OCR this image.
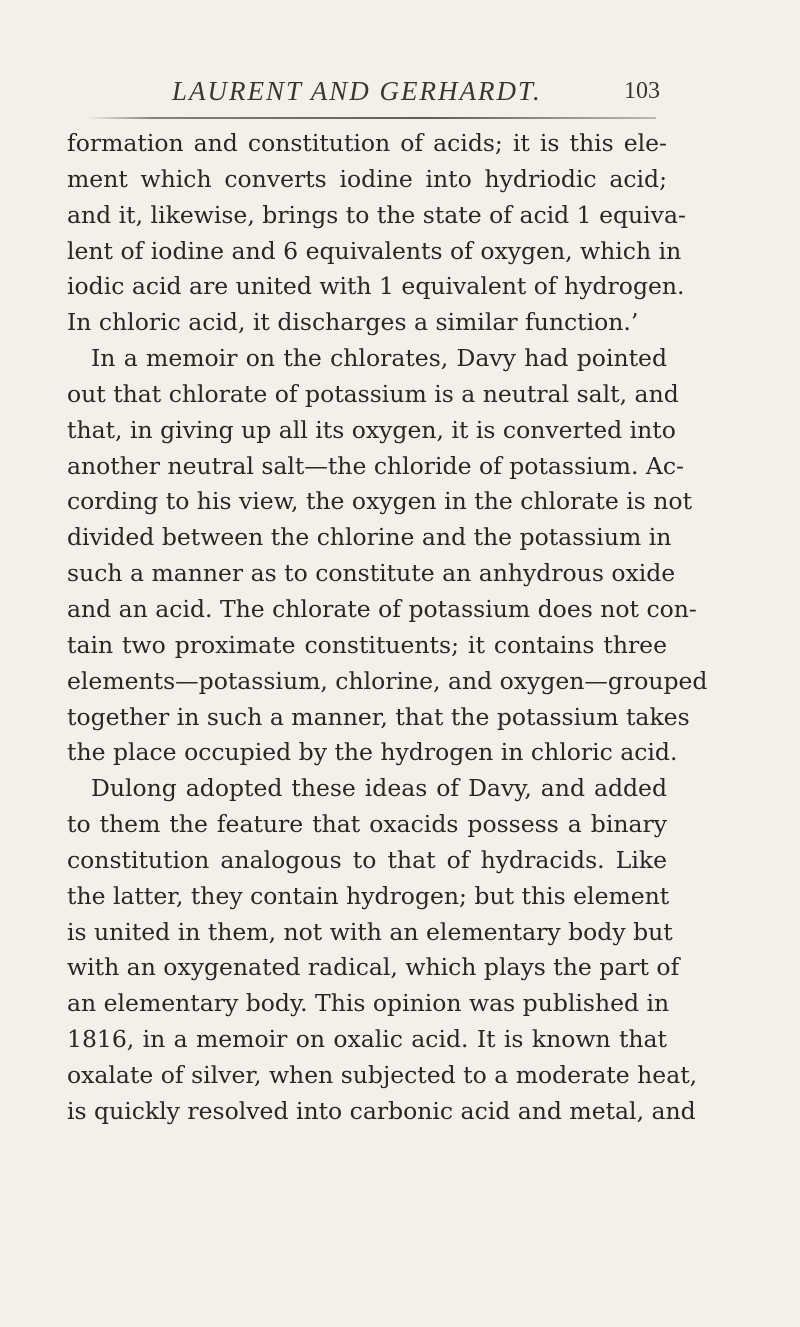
LAURENT AND GERHARDT.	103
formation and constitution of acids; it is this ele-
ment which converts iodine into hydriodic acid;
and it, likewise, brings to the state of acid 1 equiva-
lent of iodine and 6 equivalents of oxygen, which in
iodic acid are united with 1 equivalent of hydrogen.
In chloric acid, it discharges a similar function.’
In a memoir on the chlorates, Davy had pointed
out that chlorate of potassium is a neutral salt, and
that, in giving up all its oxygen, it is converted into
another neutral salt—the chloride of potassium. Ac-
cording to his view, the oxygen in the chlorate is not
divided between the chlorine and the potassium in
such a manner as to constitute an anhydrous oxide
and an acid. The chlorate of potassium does not con-
tain two proximate constituents; it contains three
elements—potassium, chlorine, and oxygen—grouped
together in such a manner, that the potassium takes
the place occupied by the hydrogen in chloric acid.
Dulong adopted these ideas of Davy, and added
to them the feature that oxacids possess a binary
constitution analogous to that of hydracids. Like
the latter, they contain hydrogen; but this element
is united in them, not with an elementary body but
with an oxygenated radical, which plays the part of
an elementary body. This opinion was published in
1816, in a memoir on oxalic acid. It is known that
oxalate of silver, when subjected to a moderate heat,
is quickly resolved into carbonic acid and metal, and
